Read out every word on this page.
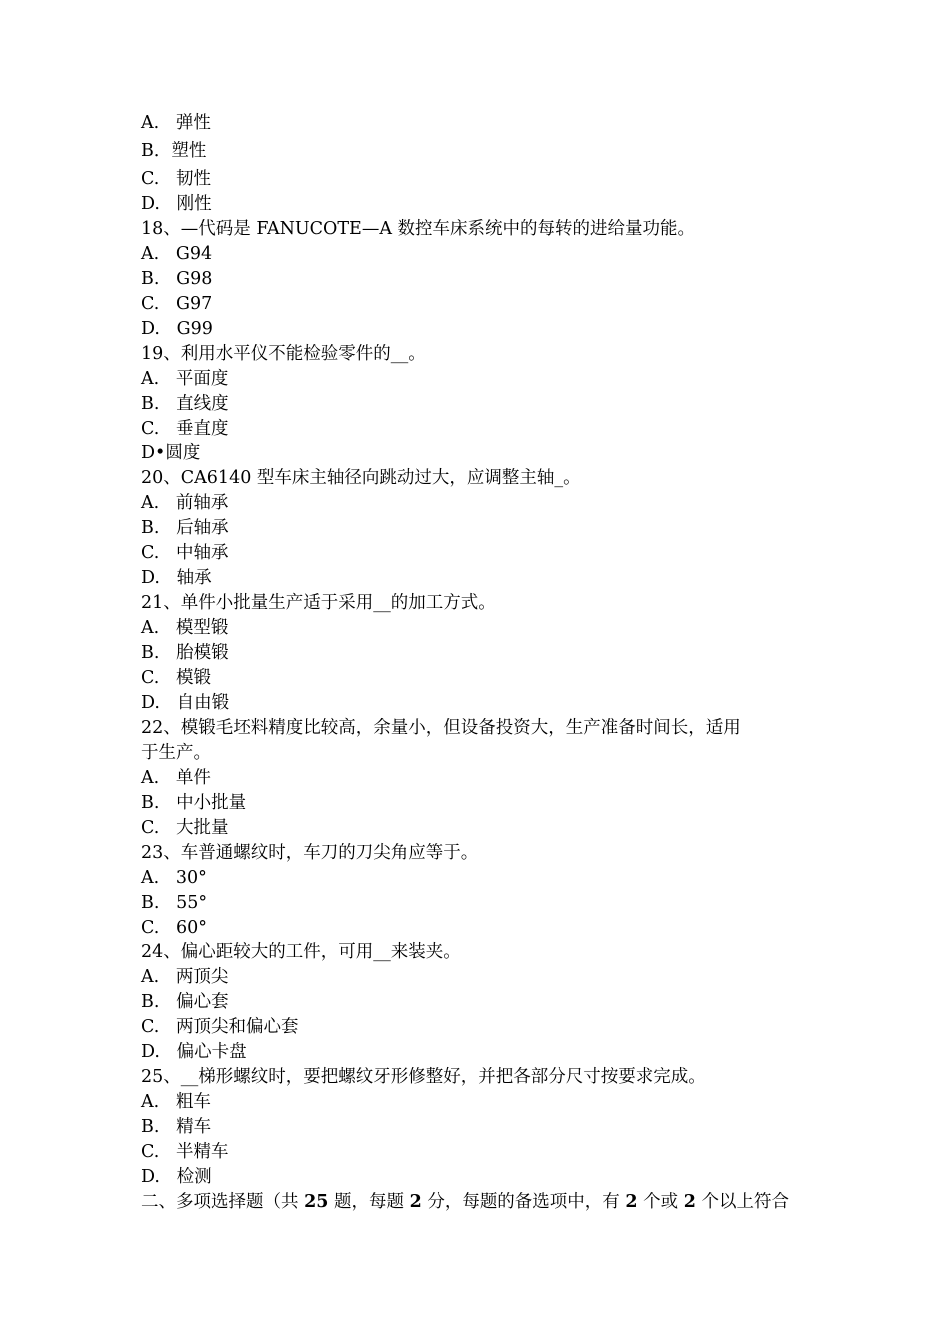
A.   弹性
B．塑性
C.   韧性
D.   刚性
18、—代码是 FANUCOTE—A 数控车床系统中的每转的进给量功能。
A.   G94
B.   G98
C.   G97
D.   G99
19、利用水平仪不能检验零件的__。
A.   平面度
B.   直线度
C.   垂直度
D•圆度
20、CA6140 型车床主轴径向跳动过大，应调整主轴_。
A.   前轴承
B.   后轴承
C.   中轴承
D.   轴承
21、单件小批量生产适于采用__的加工方式。
A.   模型锻
B.   胎模锻
C.   模锻
D.   自由锻
22、模锻毛坯料精度比较高，余量小，但设备投资大，生产准备时间长，适用
于生产。
A.   单件
B.   中小批量
C.   大批量
23、车普通螺纹时，车刀的刀尖角应等于。
A.   30°
B.   55°
C.   60°
24、偏心距较大的工件，可用__来装夹。
A.   两顶尖
B.   偏心套
C.   两顶尖和偏心套
D.   偏心卡盘
25、__梯形螺纹时，要把螺纹牙形修整好，并把各部分尺寸按要求完成。
A.   粗车
B.   精车
C.   半精车
D.   检测
二、多项选择题（共 25 题，每题 2 分，每题的备选项中，有 2 个或 2 个以上符合
